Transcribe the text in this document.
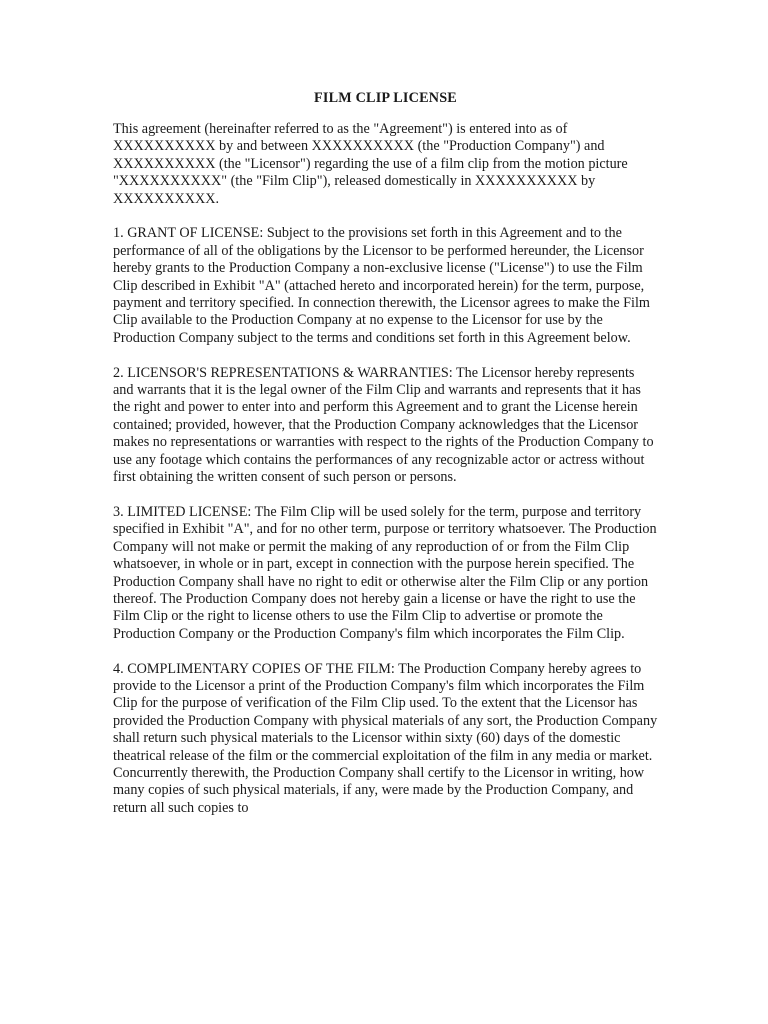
FILM CLIP LICENSE

This agreement (hereinafter referred to as the "Agreement") is entered into as of XXXXXXXXXX by and between XXXXXXXXXX (the "Production Company") and XXXXXXXXXX (the "Licensor") regarding the use of a film clip from the motion picture "XXXXXXXXXX" (the "Film Clip"), released domestically in XXXXXXXXXX by XXXXXXXXXX.

1. GRANT OF LICENSE: Subject to the provisions set forth in this Agreement and to the performance of all of the obligations by the Licensor to be performed hereunder, the Licensor hereby grants to the Production Company a non-exclusive license ("License") to use the Film Clip described in Exhibit "A" (attached hereto and incorporated herein) for the term, purpose, payment and territory specified. In connection therewith, the Licensor agrees to make the Film Clip available to the Production Company at no expense to the Licensor for use by the Production Company subject to the terms and conditions set forth in this Agreement below.

2. LICENSOR'S REPRESENTATIONS & WARRANTIES: The Licensor hereby represents and warrants that it is the legal owner of the Film Clip and warrants and represents that it has the right and power to enter into and perform this Agreement and to grant the License herein contained; provided, however, that the Production Company acknowledges that the Licensor makes no representations or warranties with respect to the rights of the Production Company to use any footage which contains the performances of any recognizable actor or actress without first obtaining the written consent of such person or persons.

3. LIMITED LICENSE: The Film Clip will be used solely for the term, purpose and territory specified in Exhibit "A", and for no other term, purpose or territory whatsoever. The Production Company will not make or permit the making of any reproduction of or from the Film Clip whatsoever, in whole or in part, except in connection with the purpose herein specified. The Production Company shall have no right to edit or otherwise alter the Film Clip or any portion thereof. The Production Company does not hereby gain a license or have the right to use the Film Clip or the right to license others to use the Film Clip to advertise or promote the Production Company or the Production Company's film which incorporates the Film Clip.

4. COMPLIMENTARY COPIES OF THE FILM: The Production Company hereby agrees to provide to the Licensor a print of the Production Company's film which incorporates the Film Clip for the purpose of verification of the Film Clip used. To the extent that the Licensor has provided the Production Company with physical materials of any sort, the Production Company shall return such physical materials to the Licensor within sixty (60) days of the domestic theatrical release of the film or the commercial exploitation of the film in any media or market. Concurrently therewith, the Production Company shall certify to the Licensor in writing, how many copies of such physical materials, if any, were made by the Production Company, and return all such copies to
